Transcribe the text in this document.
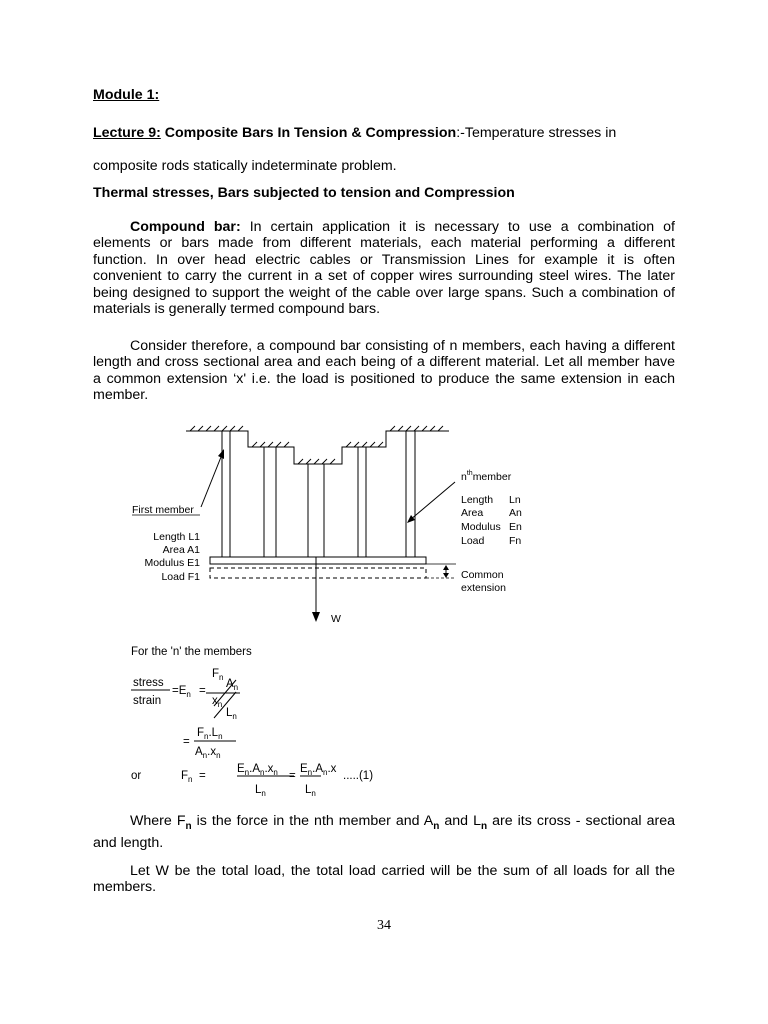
Module 1:
Lecture 9: Composite Bars In Tension & Compression:-Temperature stresses in composite rods statically indeterminate problem.
Thermal stresses, Bars subjected to tension and Compression
Compound bar: In certain application it is necessary to use a combination of elements or bars made from different materials, each material performing a different function. In over head electric cables or Transmission Lines for example it is often convenient to carry the current in a set of copper wires surrounding steel wires. The later being designed to support the weight of the cable over large spans. Such a combination of materials is generally termed compound bars.
Consider therefore, a compound bar consisting of n members, each having a different length and cross sectional area and each being of a different material. Let all member have a common extension ‘x' i.e. the load is positioned to produce the same extension in each member.
First member
Length L1
Area A1
Modulus E1
Load F1
$n^{th}member$
Length Ln
Area An
Modulus En
Load Fn
Common
extension
W
For the 'n' the members
stress
strain
$=E_n$ =
$F_n$
$A_n$
$x_n$
$L_n$
=
$F_n.L_n$
$A_n.x_n$
or	$F_n$ =
$E_n.A_n.x_n$
$L_n$
=
$E_n.A_n.x$
$L_n$
.....(1)
Where $F_n$ is the force in the nth member and $A_n$ and $L_n$ are its cross - sectional area and length.
Let W be the total load, the total load carried will be the sum of all loads for all the members.
34
